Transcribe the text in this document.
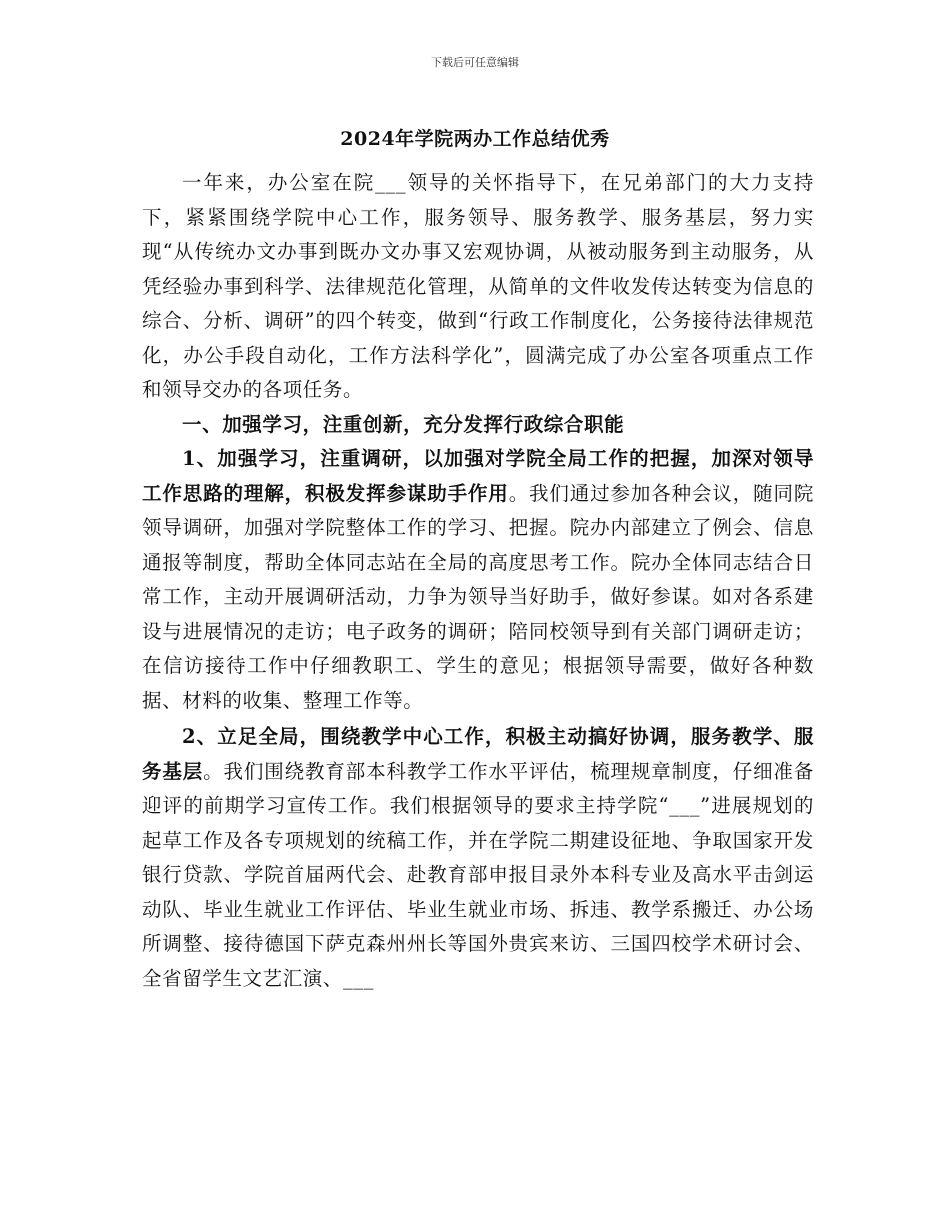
下载后可任意编辑
2024年学院两办工作总结优秀

一年来，办公室在院___领导的关怀指导下，在兄弟部门的大力支持下，紧紧围绕学院中心工作，服务领导、服务教学、服务基层，努力实现“从传统办文办事到既办文办事又宏观协调，从被动服务到主动服务，从凭经验办事到科学、法律规范化管理，从简单的文件收发传达转变为信息的综合、分析、调研”的四个转变，做到“行政工作制度化，公务接待法律规范化，办公手段自动化，工作方法科学化”，圆满完成了办公室各项重点工作和领导交办的各项任务。

一、加强学习，注重创新，充分发挥行政综合职能

1、加强学习，注重调研，以加强对学院全局工作的把握，加深对领导工作思路的理解，积极发挥参谋助手作用。我们通过参加各种会议，随同院领导调研，加强对学院整体工作的学习、把握。院办内部建立了例会、信息通报等制度，帮助全体同志站在全局的高度思考工作。院办全体同志结合日常工作，主动开展调研活动，力争为领导当好助手，做好参谋。如对各系建设与进展情况的走访；电子政务的调研；陪同校领导到有关部门调研走访；在信访接待工作中仔细教职工、学生的意见；根据领导需要，做好各种数据、材料的收集、整理工作等。

2、立足全局，围绕教学中心工作，积极主动搞好协调，服务教学、服务基层。我们围绕教育部本科教学工作水平评估，梳理规章制度，仔细准备迎评的前期学习宣传工作。我们根据领导的要求主持学院“___”进展规划的起草工作及各专项规划的统稿工作，并在学院二期建设征地、争取国家开发银行贷款、学院首届两代会、赴教育部申报目录外本科专业及高水平击剑运动队、毕业生就业工作评估、毕业生就业市场、拆违、教学系搬迁、办公场所调整、接待德国下萨克森州州长等国外贵宾来访、三国四校学术研讨会、全省留学生文艺汇演、___
